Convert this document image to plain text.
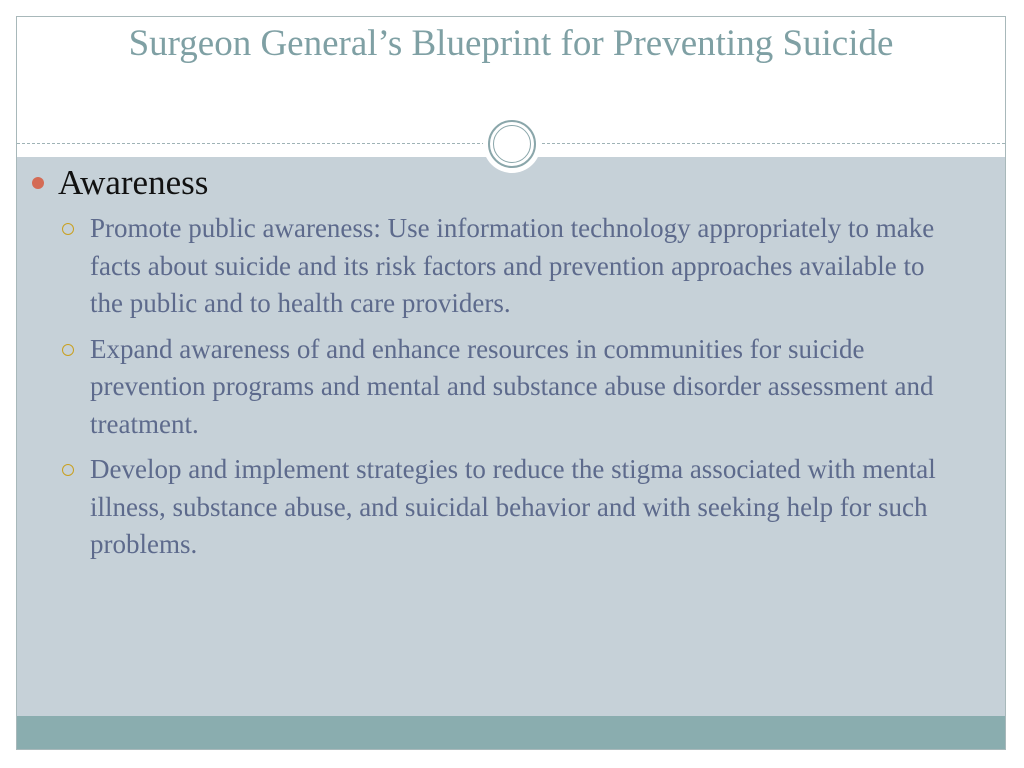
Surgeon General’s Blueprint for Preventing Suicide
Awareness
Promote public awareness: Use information technology appropriately to make facts about suicide and its risk factors and prevention approaches available to the public and to health care providers.
Expand awareness of and enhance resources in communities for suicide prevention programs and mental and substance abuse disorder assessment and treatment.
Develop and implement strategies to reduce the stigma associated with mental illness, substance abuse, and suicidal behavior and with seeking help for such problems.
